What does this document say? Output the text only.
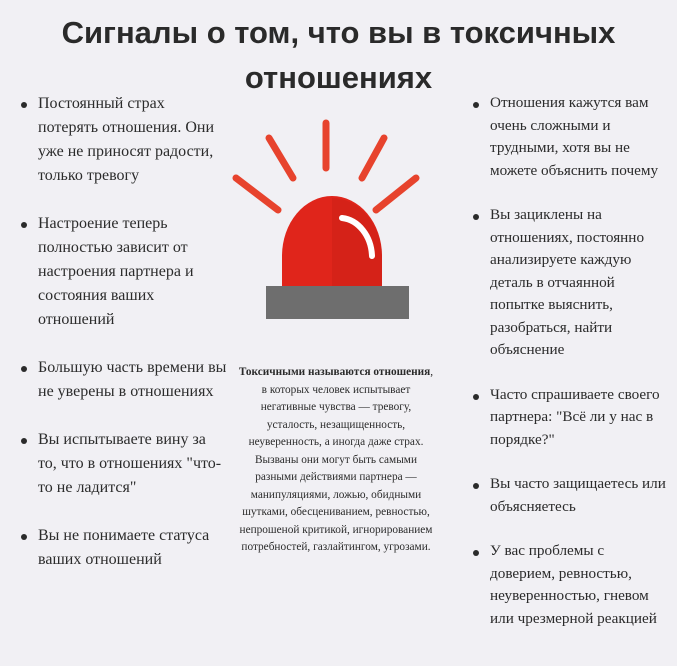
Сигналы о том, что вы в токсичных отношениях
Постоянный страх потерять отношения. Они уже не приносят радости, только тревогу
Настроение теперь полностью зависит от настроения партнера и состояния ваших отношений
Большую часть времени вы не уверены в отношениях
Вы испытываете вину за то, что в отношениях "что-то не ладится"
Вы не понимаете статуса ваших отношений
Токсичными называются отношения, в которых человек испытывает негативные чувства — тревогу, усталость, незащищенность, неуверенность, а иногда даже страх. Вызваны они могут быть самыми разными действиями партнера — манипуляциями, ложью, обидными шутками, обесцениванием, ревностью, непрошеной критикой, игнорированием потребностей, газлайтингом, угрозами.
Отношения кажутся вам очень сложными и трудными, хотя вы не можете объяснить почему
Вы зациклены на отношениях, постоянно анализируете каждую деталь в отчаянной попытке выяснить, разобраться, найти объяснение
Часто спрашиваете своего партнера: "Всё ли у нас в порядке?"
Вы часто защищаетесь или объясняетесь
У вас проблемы с доверием, ревностью, неуверенностью, гневом или чрезмерной реакцией
